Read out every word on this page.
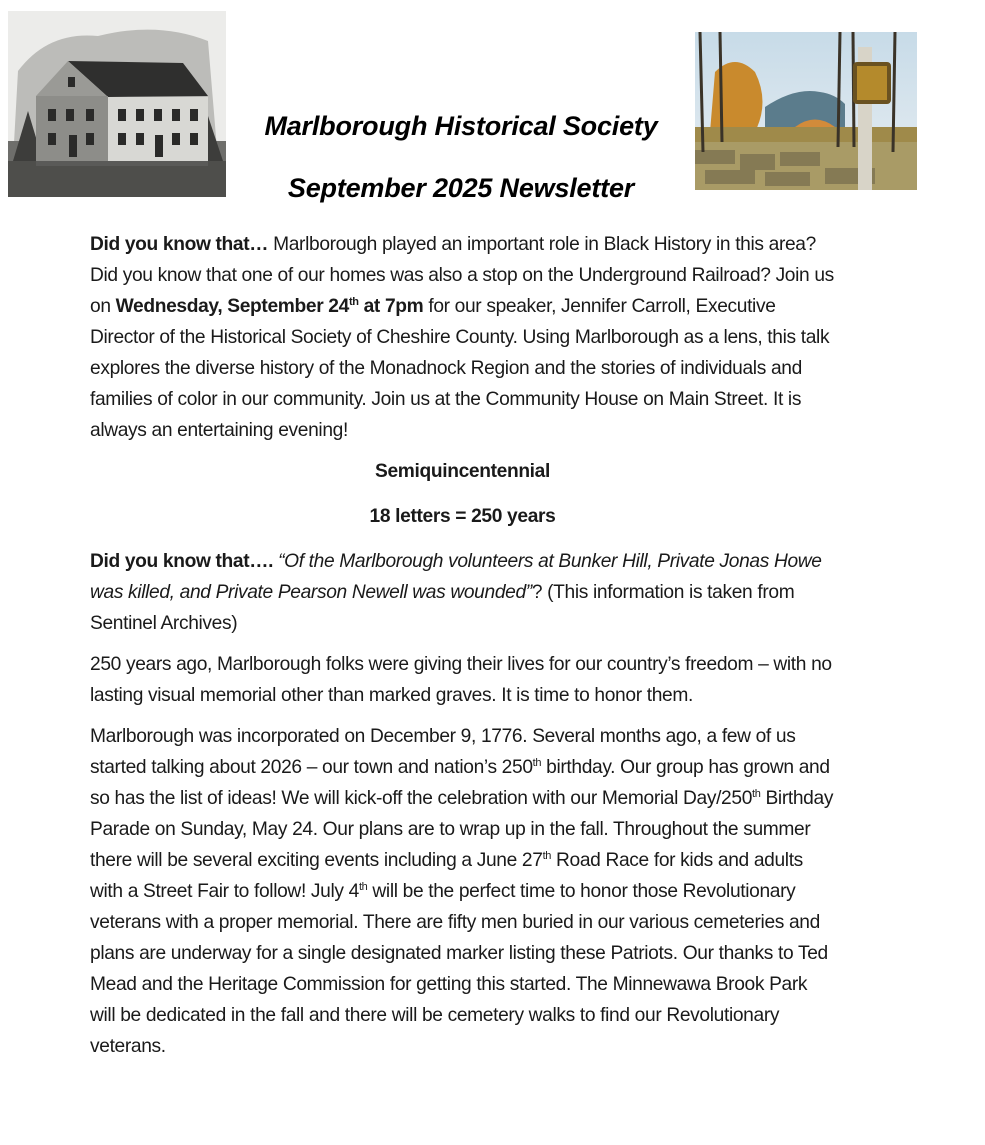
Marlborough Historical Society
September 2025 Newsletter

Did you know that… Marlborough played an important role in Black History in this area? Did you know that one of our homes was also a stop on the Underground Railroad? Join us on Wednesday, September 24th at 7pm for our speaker, Jennifer Carroll, Executive Director of the Historical Society of Cheshire County. Using Marlborough as a lens, this talk explores the diverse history of the Monadnock Region and the stories of individuals and families of color in our community. Join us at the Community House on Main Street. It is always an entertaining evening!

Semiquincentennial

18 letters = 250 years

Did you know that…. “Of the Marlborough volunteers at Bunker Hill, Private Jonas Howe was killed, and Private Pearson Newell was wounded”? (This information is taken from Sentinel Archives)

250 years ago, Marlborough folks were giving their lives for our country’s freedom – with no lasting visual memorial other than marked graves. It is time to honor them.

Marlborough was incorporated on December 9, 1776. Several months ago, a few of us started talking about 2026 – our town and nation’s 250th birthday. Our group has grown and so has the list of ideas! We will kick-off the celebration with our Memorial Day/250th Birthday Parade on Sunday, May 24. Our plans are to wrap up in the fall. Throughout the summer there will be several exciting events including a June 27th Road Race for kids and adults with a Street Fair to follow! July 4th will be the perfect time to honor those Revolutionary veterans with a proper memorial. There are fifty men buried in our various cemeteries and plans are underway for a single designated marker listing these Patriots. Our thanks to Ted Mead and the Heritage Commission for getting this started. The Minnewawa Brook Park will be dedicated in the fall and there will be cemetery walks to find our Revolutionary veterans.
